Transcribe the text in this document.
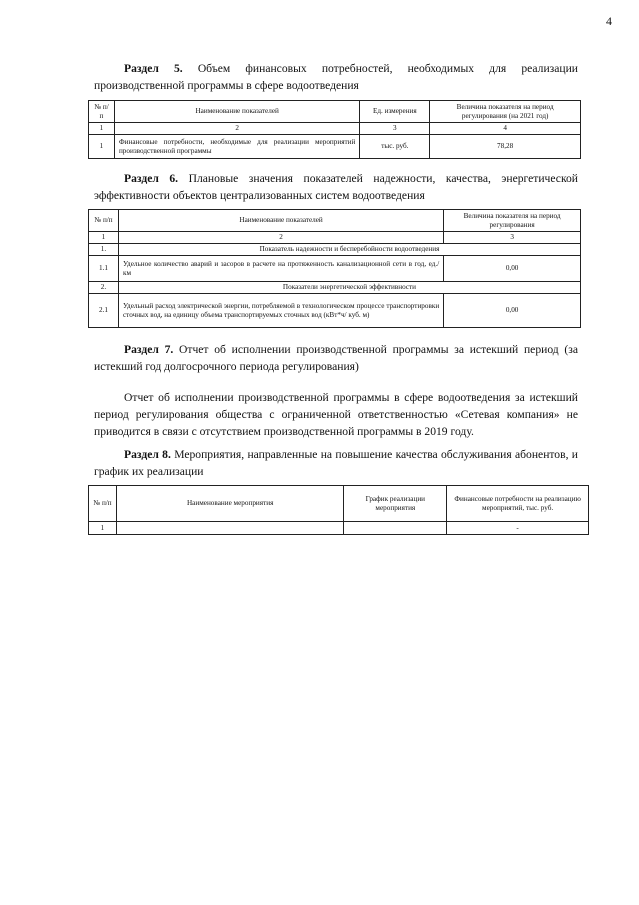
4
Раздел 5. Объем финансовых потребностей, необходимых для реализации производственной программы в сфере водоотведения
№ п/п	Наименование показателей	Ед. измерения	Величина показателя на период регулирования (на 2021 год)
1	2	3	4
1	Финансовые потребности, необходимые для реализации мероприятий производственной программы	тыс. руб.	78,28
Раздел 6. Плановые значения показателей надежности, качества, энергетической эффективности объектов централизованных систем водоотведения
№ п/п	Наименование показателей	Величина показателя на период регулирования
1	2	3
1.	Показатель надежности и бесперебойности водоотведения	
1.1	Удельное количество аварий и засоров в расчете на протяженность канализационной сети в год, ед./ км	0,00
2.	Показатели энергетической эффективности	
2.1	Удельный расход электрической энергии, потребляемой в технологическом процессе транспортировки сточных вод, на единицу объема транспортируемых сточных вод (кВт*ч/ куб. м)	0,00
Раздел 7. Отчет об исполнении производственной программы за истекший период (за истекший год долгосрочного периода регулирования)
Отчет об исполнении производственной программы в сфере водоотведения за истекший период регулирования общества с ограниченной ответственностью «Сетевая компания» не приводится в связи с отсутствием производственной программы в 2019 году.
Раздел 8. Мероприятия, направленные на повышение качества обслуживания абонентов, и график их реализации
№ п/п	Наименование мероприятия	График реализации мероприятия	Финансовые потребности на реализацию мероприятий, тыс. руб.
1			-
